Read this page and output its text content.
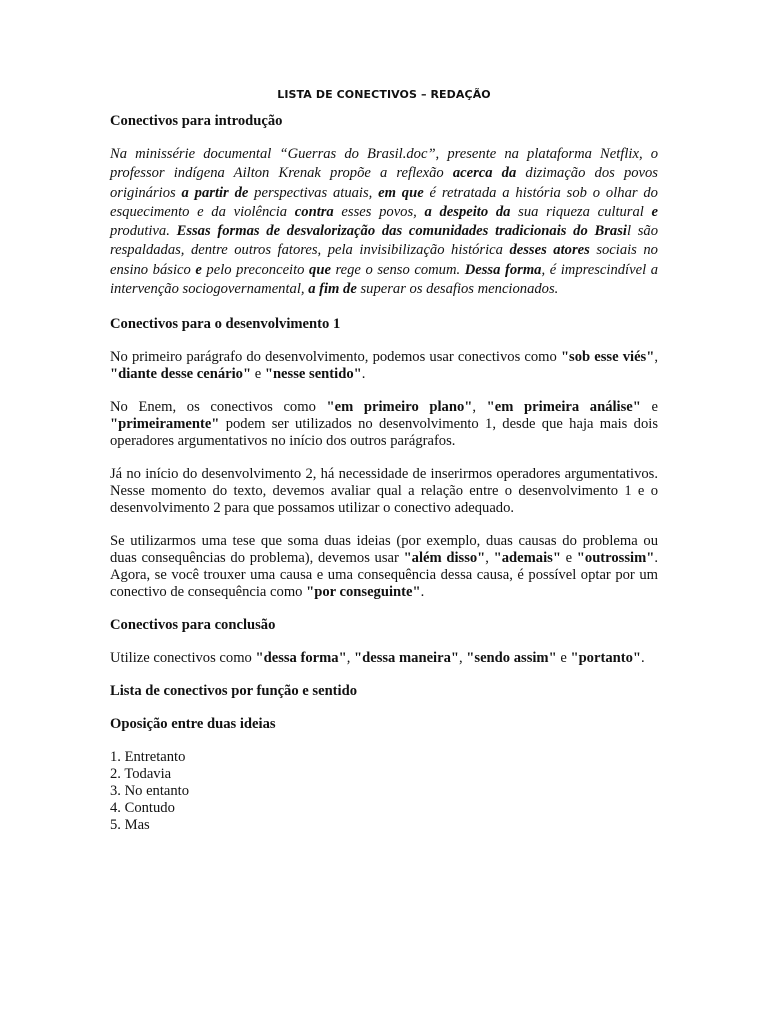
LISTA DE CONECTIVOS – REDAÇÃO
Conectivos para introdução

Na minissérie documental “Guerras do Brasil.doc”, presente na plataforma Netflix, o professor indígena Ailton Krenak propõe a reflexão acerca da dizimação dos povos originários a partir de perspectivas atuais, em que é retratada a história sob o olhar do esquecimento e da violência contra esses povos, a despeito da sua riqueza cultural e produtiva. Essas formas de desvalorização das comunidades tradicionais do Brasil são respaldadas, dentre outros fatores, pela invisibilização histórica desses atores sociais no ensino básico e pelo preconceito que rege o senso comum. Dessa forma, é imprescindível a intervenção sociogovernamental, a fim de superar os desafios mencionados.

Conectivos para o desenvolvimento 1

No primeiro parágrafo do desenvolvimento, podemos usar conectivos como "sob esse viés", "diante desse cenário" e "nesse sentido".

No Enem, os conectivos como "em primeiro plano", "em primeira análise" e "primeiramente" podem ser utilizados no desenvolvimento 1, desde que haja mais dois operadores argumentativos no início dos outros parágrafos.

Já no início do desenvolvimento 2, há necessidade de inserirmos operadores argumentativos. Nesse momento do texto, devemos avaliar qual a relação entre o desenvolvimento 1 e o desenvolvimento 2 para que possamos utilizar o conectivo adequado.

Se utilizarmos uma tese que soma duas ideias (por exemplo, duas causas do problema ou duas consequências do problema), devemos usar "além disso", "ademais" e "outrossim". Agora, se você trouxer uma causa e uma consequência dessa causa, é possível optar por um conectivo de consequência como "por conseguinte".

Conectivos para conclusão

Utilize conectivos como "dessa forma", "dessa maneira", "sendo assim" e "portanto".

Lista de conectivos por função e sentido
Oposição entre duas ideias
1. Entretanto
2. Todavia
3. No entanto
4. Contudo
5. Mas
